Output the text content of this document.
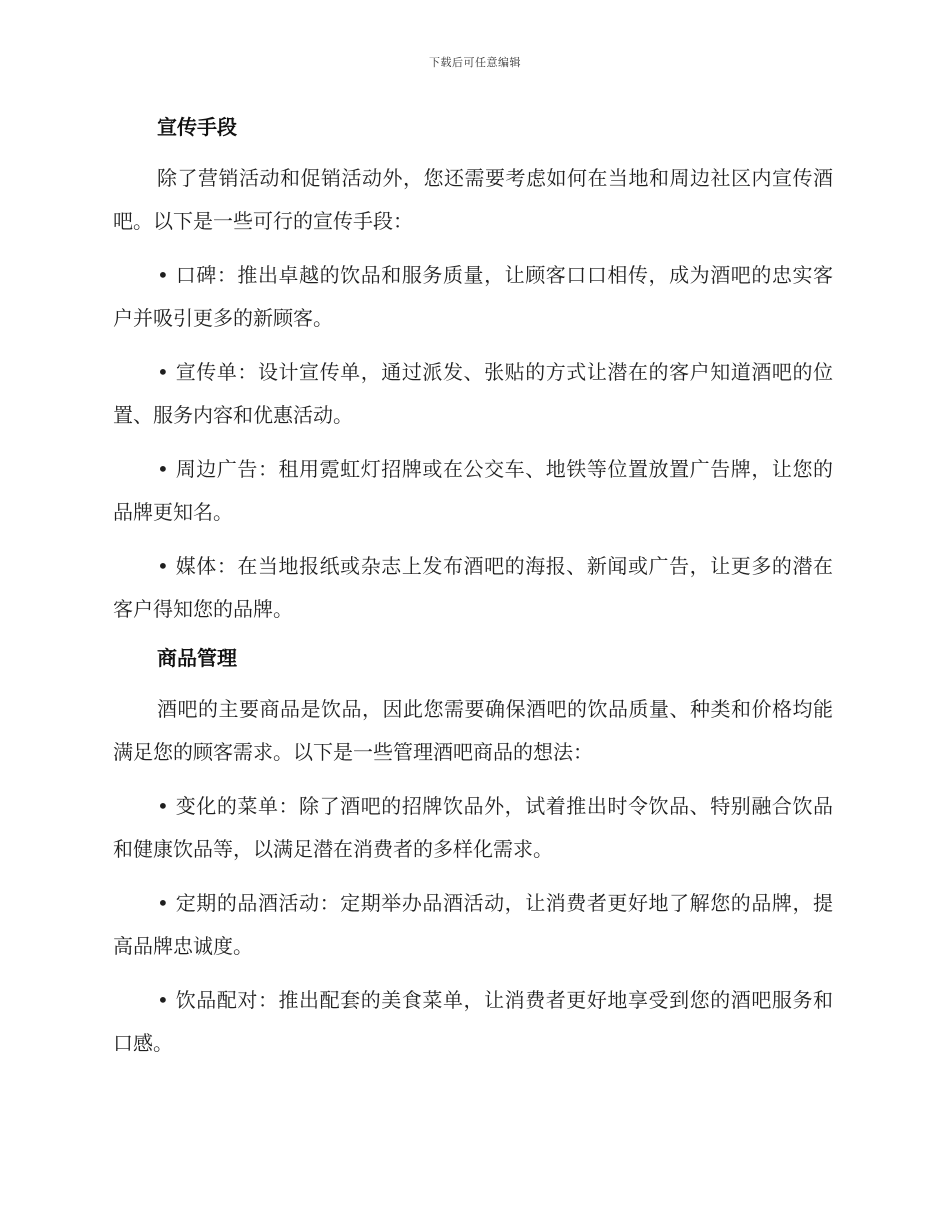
下载后可任意编辑
宣传手段

除了营销活动和促销活动外，您还需要考虑如何在当地和周边社区内宣传酒吧。以下是一些可行的宣传手段：

• 口碑：推出卓越的饮品和服务质量，让顾客口口相传，成为酒吧的忠实客户并吸引更多的新顾客。

• 宣传单：设计宣传单，通过派发、张贴的方式让潜在的客户知道酒吧的位置、服务内容和优惠活动。

• 周边广告：租用霓虹灯招牌或在公交车、地铁等位置放置广告牌，让您的品牌更知名。

• 媒体：在当地报纸或杂志上发布酒吧的海报、新闻或广告，让更多的潜在客户得知您的品牌。

商品管理

酒吧的主要商品是饮品，因此您需要确保酒吧的饮品质量、种类和价格均能满足您的顾客需求。以下是一些管理酒吧商品的想法：

• 变化的菜单：除了酒吧的招牌饮品外，试着推出时令饮品、特别融合饮品和健康饮品等，以满足潜在消费者的多样化需求。

• 定期的品酒活动：定期举办品酒活动，让消费者更好地了解您的品牌，提高品牌忠诚度。

• 饮品配对：推出配套的美食菜单，让消费者更好地享受到您的酒吧服务和口感。
